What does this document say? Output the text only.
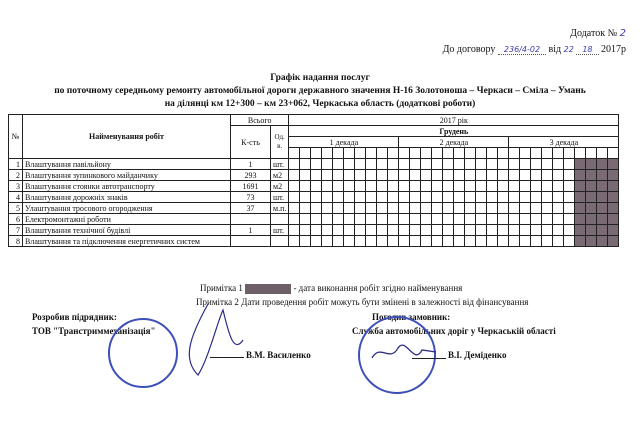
Додаток № 2
До договору 236/4-02 від 22 18 2017р
Графік надання послуг
по поточному середньому ремонту автомобільної дороги державного значення Н-16 Золотоноша – Черкаси – Сміла – Умань
на ділянці км 12+300 – км 23+062, Черкаська область (додаткові роботи)
№	Найменування робіт	Всього		2017 рік																													
		К-сть	Од. в.	Грудень																													
				1 декада										2 декада										3 декада									

1	Влаштування павільйону	1	шт.																														
2	Влаштування зупинкового майданчику	293	м2																														
3	Влаштування стоянки автотранспорту	1691	м2																														
4	Влаштування дорожніх знаків	73	шт.																														
5	Улаштування тросового огородження	37	м.п.																														
6	Електромонтажні роботи																																
7	Влаштування технічної будівлі	1	шт.																														
8	Влаштування та підключення енергетичних систем																																
Примітка 1	- дата виконання робіт згідно найменування
Примітка 2 Дати проведення робіт можуть бути змінені в залежності від фінансування
Розробив підрядник:
ТОВ "Транстриммеханізація"
В.М. Василенко
Погодив замовник:
Служба автомобільних доріг у Черкаській області
В.І. Деміденко
